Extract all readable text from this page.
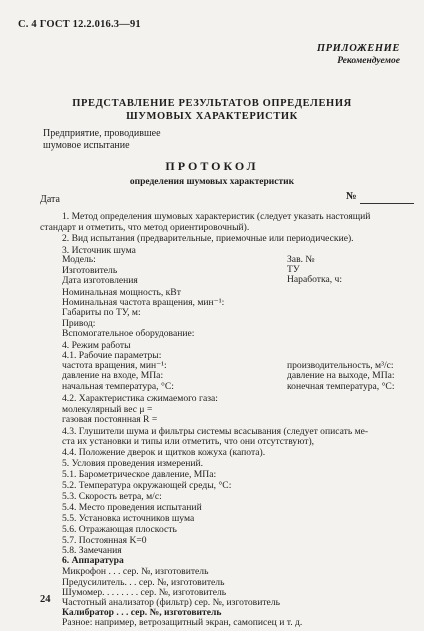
С. 4 ГОСТ 12.2.016.3—91
ПРИЛОЖЕНИЕ
Рекомендуемое
ПРЕДСТАВЛЕНИЕ РЕЗУЛЬТАТОВ ОПРЕДЕЛЕНИЯ ШУМОВЫХ ХАРАКТЕРИСТИК
Предприятие, проводившее шумовое испытание
ПРОТОКОЛ
определения шумовых характеристик
Дата	№
1. Метод определения шумовых характеристик (следует указать настоящий
стандарт и отметить, что метод ориентировочный).
2. Вид испытания (предварительные, приемочные или периодические).
3. Источник шума
Модель:	Зав. №
Изготовитель	ТУ
Дата изготовления	Наработка, ч:
Номинальная мощность, кВт
Номинальная частота вращения, мин⁻¹:
Габариты по ТУ, м:
Привод:
Вспомогательное оборудование:
4. Режим работы
4.1. Рабочие параметры:
частота вращения, мин⁻¹:	производительность, м³/с:
давление на входе, МПа:	давление на выходе, МПа:
начальная температура, °С:	конечная температура, °С:
4.2. Характеристика сжимаемого газа:
молекулярный вес μ =
газовая постоянная R =
4.3. Глушители шума и фильтры системы всасывания (следует описать ме-
ста их установки и типы или отметить, что они отсутствуют),
4.4. Положение дверок и щитков кожуха (капота).
5. Условия проведения измерений.
5.1. Барометрическое давление, МПа:
5.2. Температура окружающей среды, °С:
5.3. Скорость ветра, м/с:
5.4. Место проведения испытаний
5.5. Установка источников шума
5.6. Отражающая плоскость
5.7. Постоянная K=0
5.8. Замечания
6. Аппаратура
Микрофон . . . сер. №, изготовитель
Предусилитель. . . сер. №, изготовитель
Шумомер. . . . . . . . сер. №, изготовитель
Частотный анализатор (фильтр) сер. №, изготовитель
Калибратор . . . сер. №, изготовитель
Разное: например, ветрозащитный экран, самописец и т. д.
24
